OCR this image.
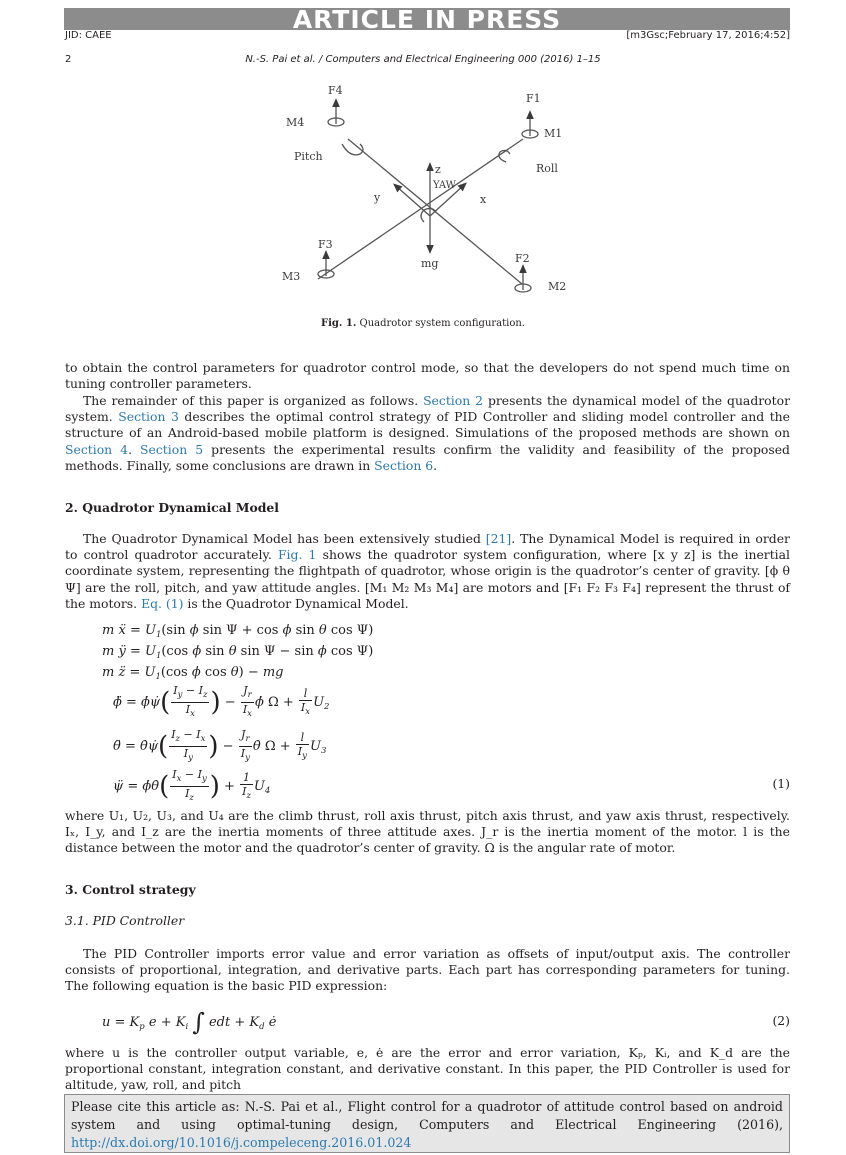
ARTICLE IN PRESS
JID: CAEE	[m3Gsc;February 17, 2016;4:52]
2	N.-S. Pai et al. / Computers and Electrical Engineering 000 (2016) 1–15
F4
F1
M4
M1
Pitch
Roll
z
YAW
y	x
F3
mg	F2
M3
M2
Fig. 1. Quadrotor system configuration.

to obtain the control parameters for quadrotor control mode, so that the developers do not spend much time on tuning controller parameters.

The remainder of this paper is organized as follows. Section 2 presents the dynamical model of the quadrotor system. Section 3 describes the optimal control strategy of PID Controller and sliding model controller and the structure of an Android-based mobile platform is designed. Simulations of the proposed methods are shown on Section 4. Section 5 presents the experimental results confirm the validity and feasibility of the proposed methods. Finally, some conclusions are drawn in Section 6.

2. Quadrotor Dynamical Model

The Quadrotor Dynamical Model has been extensively studied [21]. The Dynamical Model is required in order to control quadrotor accurately. Fig. 1 shows the quadrotor system configuration, where [x y z] is the inertial coordinate system, representing the flightpath of quadrotor, whose origin is the quadrotor’s center of gravity. [ϕ θ Ψ] are the roll, pitch, and yaw attitude angles. [M₁ M₂ M₃ M₄] are motors and [F₁ F₂ F₃ F₄] represent the thrust of the motors. Eq. (1) is the Quadrotor Dynamical Model.

m ẍ = $U_1(\sin$ ϕ sin Ψ + cos ϕ sin θ cos Ψ)
m ÿ = $U_1(\cos$ ϕ sin θ sin Ψ − sin ϕ cos Ψ)
m z̈ = $U_1(\cos$ ϕ cos θ) − mg
ϕ̈ = ϕ̇ψ̇( $\frac{I_y - I_z}{I_x}$ ) − $\frac{J_r}{I_x}$ ϕ̇ $\Omega + \frac{l}{I_x} U_2$
θ̈ = θ̇ψ̇( $\frac{I_z - I_x}{I_y}$ ) − $\frac{J_r}{I_y}$ θ̇ $\Omega + \frac{l}{I_y} U_3$
ψ̈ = ϕ̇θ̇( $\frac{I_x - I_y}{I_z}$ ) + $\frac{1}{I_z} U_4$	(1)

where U₁, U₂, U₃, and U₄ are the climb thrust, roll axis thrust, pitch axis thrust, and yaw axis thrust, respectively. Iₓ, I_y, and I_z are the inertia moments of three attitude axes. J_r is the inertia moment of the motor. l is the distance between the motor and the quadrotor’s center of gravity. Ω is the angular rate of motor.

3. Control strategy
3.1. PID Controller

The PID Controller imports error value and error variation as offsets of input/output axis. The controller consists of proportional, integration, and derivative parts. Each part has corresponding parameters for tuning. The following equation is the basic PID expression:

$u = K_p$ $e + K_i$ ∫ edt + $K_d$ ė	(2)

where u is the controller output variable, e, ė are the error and error variation, Kₚ, Kᵢ, and K_d are the proportional constant, integration constant, and derivative constant. In this paper, the PID Controller is used for altitude, yaw, roll, and pitch

Please cite this article as: N.-S. Pai et al., Flight control for a quadrotor of attitude control based on android system and using optimal-tuning design, Computers and Electrical Engineering (2016), http://dx.doi.org/10.1016/j.compeleceng.2016.01.024
